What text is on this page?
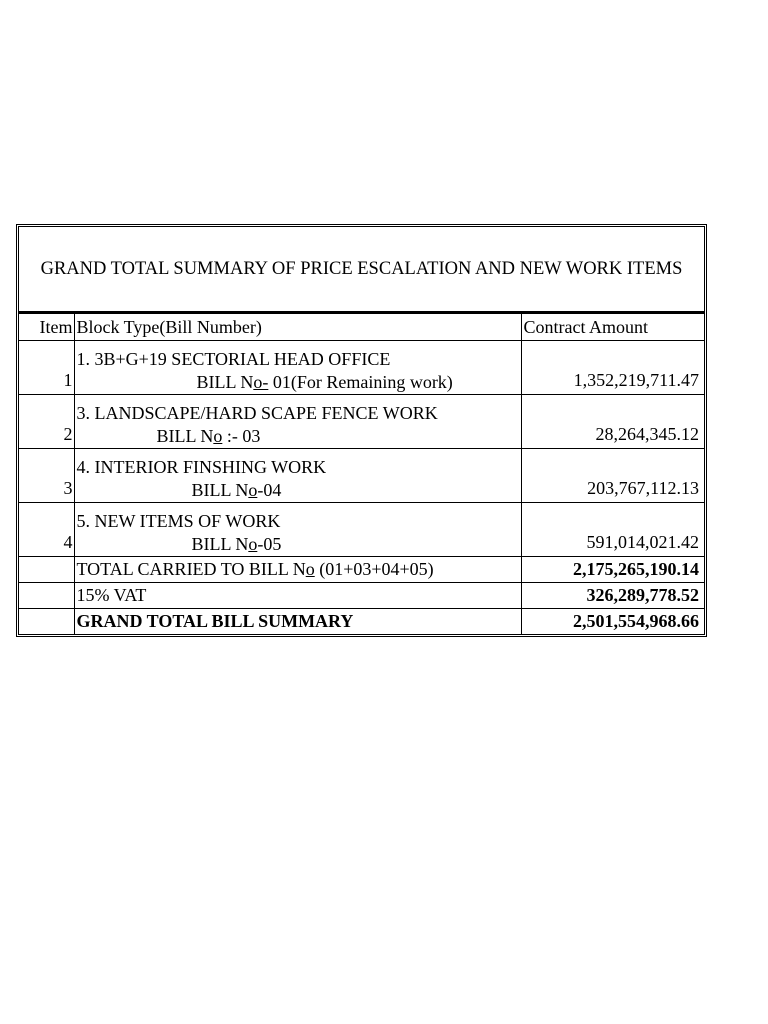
GRAND TOTAL SUMMARY OF PRICE ESCALATION AND NEW WORK ITEMS
Item	Block Type(Bill Number)	Contract Amount
1	1. 3B+G+19 SECTORIAL HEAD OFFICE
BILL No- 01(For Remaining work)	1,352,219,711.47
2	3. LANDSCAPE/HARD SCAPE FENCE WORK
BILL No :- 03	28,264,345.12
3	4. INTERIOR FINSHING WORK
BILL No-04	203,767,112.13
4	5. NEW ITEMS OF WORK
BILL No-05	591,014,021.42
	TOTAL CARRIED TO BILL No (01+03+04+05)	2,175,265,190.14
	15% VAT	326,289,778.52
	GRAND TOTAL BILL SUMMARY	2,501,554,968.66
